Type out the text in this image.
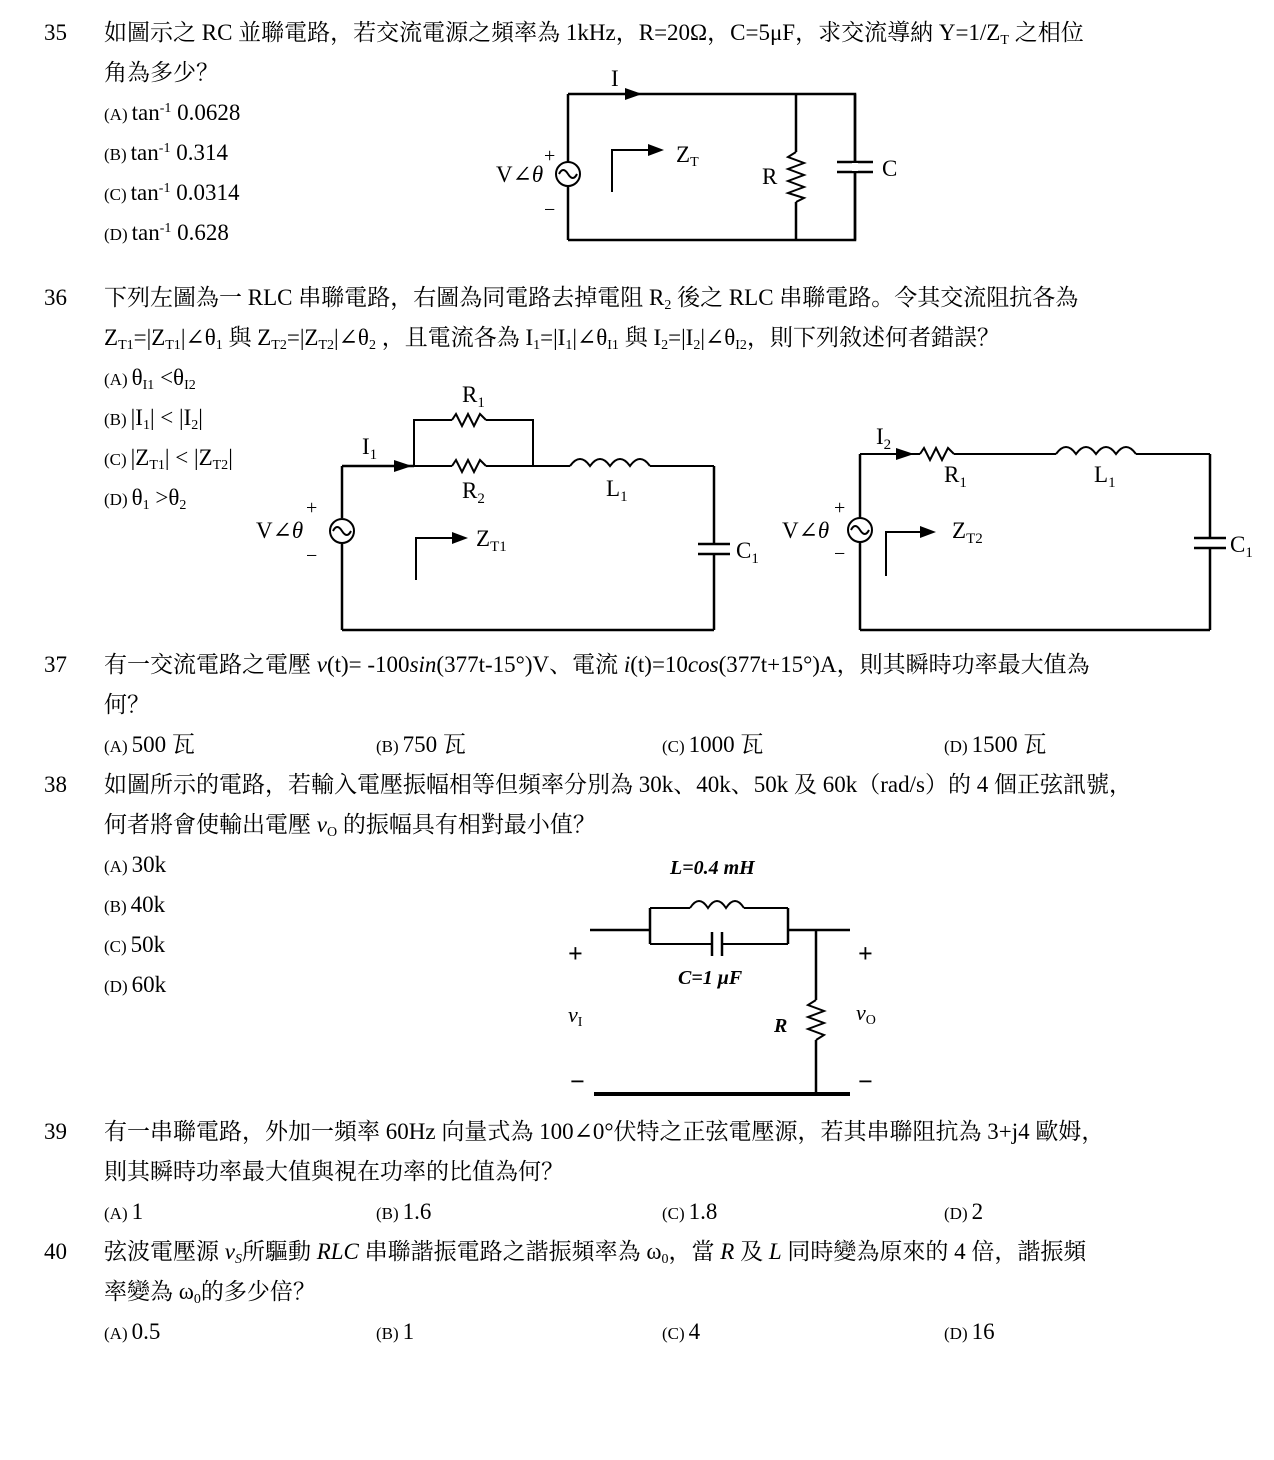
35 如圖示之 RC 並聯電路，若交流電源之頻率為 1kHz，R=20Ω，C=5μF，求交流導納 $Y=1/Z_T$ 之相位
角為多少？
(A) $\tan^{-1} 0.0628$
(B) $\tan^{-1} 0.314$
(C) $\tan^{-1} 0.0314$
(D) $\tan^{-1} 0.628$
I
ZT
R	C
V∠θ
+
−
36 下列左圖為一 RLC 串聯電路，右圖為同電路去掉電阻 $R_2$ 後之 RLC 串聯電路。令其交流阻抗各為
$Z_{T1}=|Z_{T1}|\angle\theta_1$ 與 $Z_{T2}=|Z_{T2}|\angle\theta_2$ ，且電流各為 $I_1=|I_1|\angle\theta_{I1}$ 與 $I_2=|I_2|\angle\theta_{I2}$，則下列敘述何者錯誤？
(A) $\theta_{I1} <\theta_{I2}$
(B) $|I_1| < |I_2|$
(C) $|Z_{T1}| < |Z_{T2}|$
(D) $\theta_1 >\theta_2$
$R_1$
$R_2$	$L_1$
$C_1$
$I_1$
$Z_{T1}$
V∠θ
+
−
$I_2$
$R_1$	$L_1$
$C_1$
$Z_{T2}$
V∠θ
+
−
37 有一交流電路之電壓 v(t)= -100sin(377t-15°)V、電流 i(t)=10cos(377t+15°)A，則其瞬時功率最大值為
何？
(A) 500 瓦	(B) 750 瓦	(C) 1000 瓦	(D) 1500 瓦
38 如圖所示的電路，若輸入電壓振幅相等但頻率分別為 30k、40k、50k 及 60k（rad/s）的 4 個正弦訊號，
何者將會使輸出電壓 $v_O$ 的振幅具有相對最小值？
(A) 30k
(B) 40k
(C) 50k
(D) 60k
L=0.4 mH
C=1 μF
R
+	+
−	−
vI	vO
39 有一串聯電路，外加一頻率 60Hz 向量式為 100∠0°伏特之正弦電壓源，若其串聯阻抗為 3+j4 歐姆，
則其瞬時功率最大值與視在功率的比值為何？
(A) 1	(B) 1.6	(C) 1.8	(D) 2
40 弦波電壓源 $v_S$所驅動 RLC 串聯諧振電路之諧振頻率為 $\omega_0$，當 R 及 L 同時變為原來的 4 倍，諧振頻
率變為 $\omega_0$的多少倍？
(A) 0.5	(B) 1	(C) 4	(D) 16
